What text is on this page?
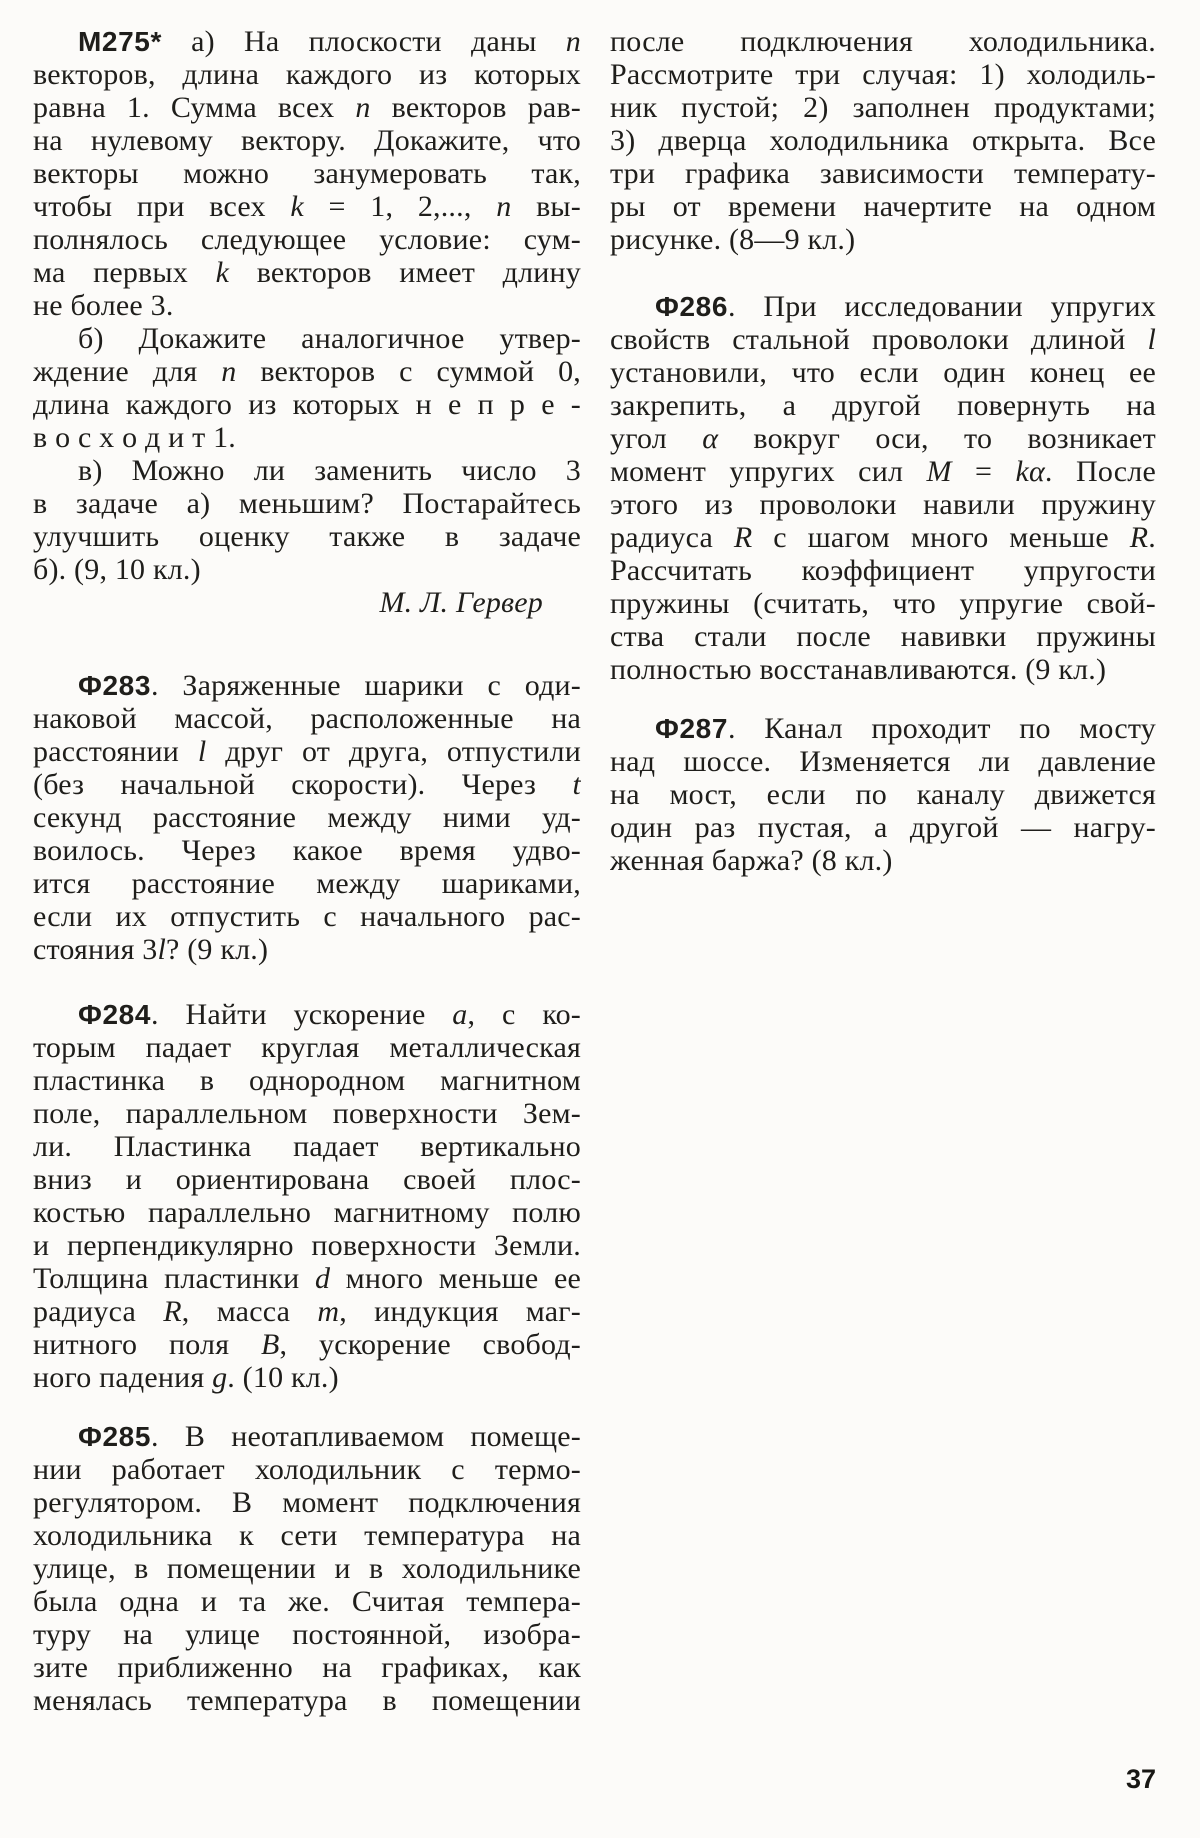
М275* а) На плоскости даны n
векторов, длина каждого из которых
равна 1. Сумма всех n векторов рав-
на нулевому вектору. Докажите, что
векторы можно занумеровать так,
чтобы при всех k = 1, 2,..., n вы-
полнялось следующее условие: сум-
ма первых k векторов имеет длину
не более 3.
б) Докажите аналогичное утвер-
ждение для n векторов с суммой 0,
длина каждого из которых н е п р е -
в о с х о д и т 1.
в) Можно ли заменить число 3
в задаче а) меньшим? Постарайтесь
улучшить оценку также в задаче
б). (9, 10 кл.)
М. Л. Гервер
Ф283. Заряженные шарики с оди-
наковой массой, расположенные на
расстоянии l друг от друга, отпустили
(без начальной скорости). Через t
секунд расстояние между ними уд-
воилось. Через какое время удво-
ится расстояние между шариками,
если их отпустить с начального рас-
стояния 3l? (9 кл.)
Ф284. Найти ускорение a, с ко-
торым падает круглая металлическая
пластинка в однородном магнитном
поле, параллельном поверхности Зем-
ли. Пластинка падает вертикально
вниз и ориентирована своей плос-
костью параллельно магнитному полю
и перпендикулярно поверхности Земли.
Толщина пластинки d много меньше ее
радиуса R, масса m, индукция маг-
нитного поля B, ускорение свобод-
ного падения g. (10 кл.)
Ф285. В неотапливаемом помеще-
нии работает холодильник с термо-
регулятором. В момент подключения
холодильника к сети температура на
улице, в помещении и в холодильнике
была одна и та же. Считая темпера-
туру на улице постоянной, изобра-
зите приближенно на графиках, как
менялась температура в помещении
после подключения холодильника.
Рассмотрите три случая: 1) холодиль-
ник пустой; 2) заполнен продуктами;
3) дверца холодильника открыта. Все
три графика зависимости температу-
ры от времени начертите на одном
рисунке. (8—9 кл.)
Ф286. При исследовании упругих
свойств стальной проволоки длиной l
установили, что если один конец ее
закрепить, а другой повернуть на
угол α вокруг оси, то возникает
момент упругих сил M = kα. После
этого из проволоки навили пружину
радиуса R с шагом много меньше R.
Рассчитать коэффициент упругости
пружины (считать, что упругие свой-
ства стали после навивки пружины
полностью восстанавливаются. (9 кл.)
Ф287. Канал проходит по мосту
над шоссе. Изменяется ли давление
на мост, если по каналу движется
один раз пустая, а другой — нагру-
женная баржа? (8 кл.)
37
